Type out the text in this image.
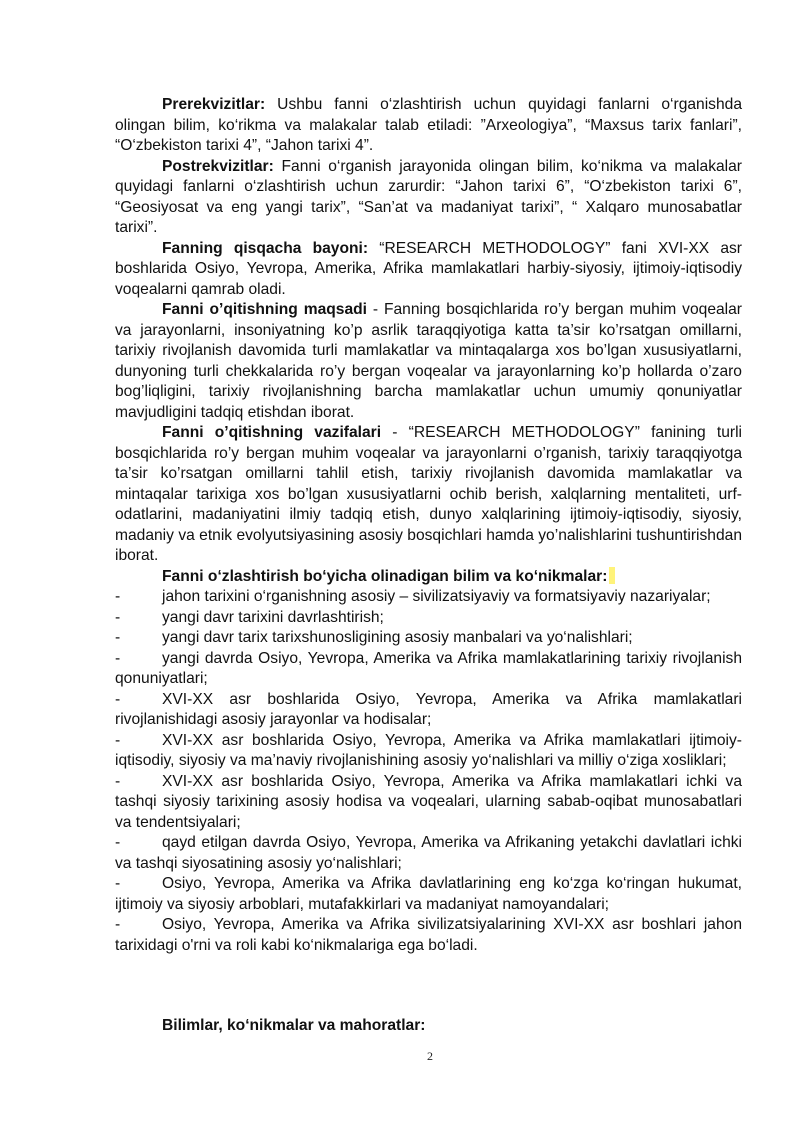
Prerekvizitlar: Ushbu fanni o‘zlashtirish uchun quyidagi fanlarni o‘rganishda olingan bilim, ko‘rikma va malakalar talab etiladi: ”Arxeologiya”, “Maxsus tarix fanlari”, “O‘zbekiston tarixi 4”, “Jahon tarixi 4”.

Postrekvizitlar: Fanni o‘rganish jarayonida olingan bilim, ko‘nikma va malakalar quyidagi fanlarni o‘zlashtirish uchun zarurdir: “Jahon tarixi 6”, “O‘zbekiston tarixi 6”, “Geosiyosat va eng yangi tarix”, “San’at va madaniyat tarixi”, “ Xalqaro munosabatlar tarixi”.

Fanning qisqacha bayoni: “RESEARCH METHODOLOGY” fani XVI-XX asr boshlarida Osiyo, Yevropa, Amerika, Afrika mamlakatlari harbiy-siyosiy, ijtimoiy-iqtisodiy voqealarni qamrab oladi.

Fanni o’qitishning maqsadi - Fanning bosqichlarida ro’y bergan muhim voqealar va jarayonlarni, insoniyatning ko’p asrlik taraqqiyotiga katta ta’sir ko’rsatgan omillarni, tarixiy rivojlanish davomida turli mamlakatlar va mintaqalarga xos bo’lgan xususiyatlarni, dunyoning turli chekkalarida ro’y bergan voqealar va jarayonlarning ko’p hollarda o’zaro bog’liqligini, tarixiy rivojlanishning barcha mamlakatlar uchun umumiy qonuniyatlar mavjudligini tadqiq etishdan iborat.

Fanni o’qitishning vazifalari - “RESEARCH METHODOLOGY” fanining turli bosqichlarida ro’y bergan muhim voqealar va jarayonlarni o’rganish, tarixiy taraqqiyotga ta’sir ko’rsatgan omillarni tahlil etish, tarixiy rivojlanish davomida mamlakatlar va mintaqalar tarixiga xos bo’lgan xususiyatlarni ochib berish, xalqlarning mentaliteti, urf-odatlarini, madaniyatini ilmiy tadqiq etish, dunyo xalqlarining ijtimoiy-iqtisodiy, siyosiy, madaniy va etnik evolyutsiyasining asosiy bosqichlari hamda yo’nalishlarini tushuntirishdan iborat.

Fanni o‘zlashtirish bo‘yicha olinadigan bilim va ko‘nikmalar:

-	jahon tarixini o‘rganishning asosiy – sivilizatsiyaviy va formatsiyaviy nazariyalar;

-	yangi davr tarixini davrlashtirish;

-	yangi davr tarix tarixshunosligining asosiy manbalari va yo‘nalishlari;

-	yangi davrda Osiyo, Yevropa, Amerika va Afrika mamlakatlarining tarixiy rivojlanish qonuniyatlari;

-	XVI-XX asr boshlarida Osiyo, Yevropa, Amerika va Afrika mamlakatlari rivojlanishidagi asosiy jarayonlar va hodisalar;

-	XVI-XX asr boshlarida Osiyo, Yevropa, Amerika va Afrika mamlakatlari ijtimoiy-iqtisodiy, siyosiy va ma’naviy rivojlanishining asosiy yo‘nalishlari va milliy o‘ziga xosliklari;

-	XVI-XX asr boshlarida Osiyo, Yevropa, Amerika va Afrika mamlakatlari ichki va tashqi siyosiy tarixining asosiy hodisa va voqealari, ularning sabab-oqibat munosabatlari va tendentsiyalari;

-	qayd etilgan davrda Osiyo, Yevropa, Amerika va Afrikaning yetakchi davlatlari ichki va tashqi siyosatining asosiy yo‘nalishlari;

-	Osiyo, Yevropa, Amerika va Afrika davlatlarining eng ko‘zga ko‘ringan hukumat, ijtimoiy va siyosiy arboblari, mutafakkirlari va madaniyat namoyandalari;

-	Osiyo, Yevropa, Amerika va Afrika sivilizatsiyalarining XVI-XX asr boshlari jahon tarixidagi o'rni va roli kabi ko‘nikmalariga ega bo‘ladi.

Bilimlar, ko‘nikmalar va mahoratlar:

2
